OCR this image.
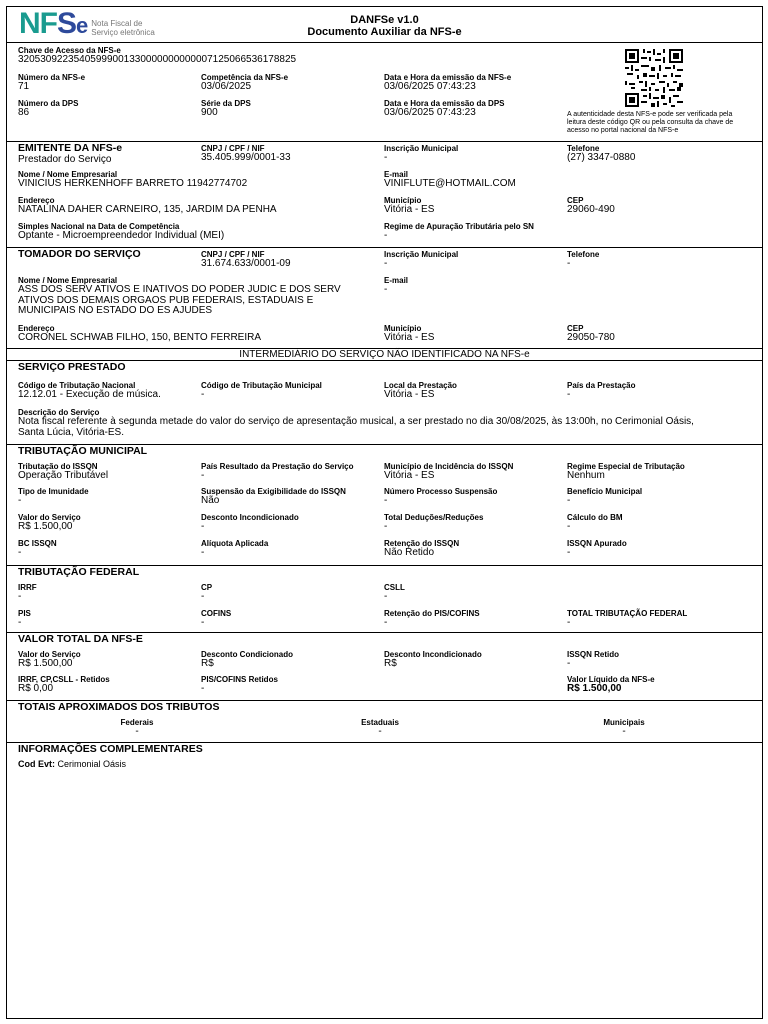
NFSe Nota Fiscal de
Serviço eletrônica
DANFSe v1.0
Documento Auxiliar da NFS-e
Chave de Acesso da NFS-e
32053092235405999001330000000000007125066536178825
Número da NFS-e
71
Competência da NFS-e
03/06/2025
Data e Hora da emissão da NFS-e
03/06/2025 07:43:23
Número da DPS
86
Série da DPS
900
Data e Hora da emissão da DPS
03/06/2025 07:43:23	A autenticidade desta NFS-e pode ser verificada pela leitura deste código QR ou pela consulta da chave de acesso no portal nacional da NFS-e
EMITENTE DA NFS-e
Prestador do Serviço
CNPJ / CPF / NIF
35.405.999/0001-33
Inscrição Municipal
-
Telefone
(27) 3347-0880
Nome / Nome Empresarial
VINICIUS HERKENHOFF BARRETO 11942774702
E-mail
VINIFLUTE@HOTMAIL.COM
Endereço
NATALINA DAHER CARNEIRO, 135, JARDIM DA PENHA
Município
Vitória - ES
CEP
29060-490
Simples Nacional na Data de Competência
Optante - Microempreendedor Individual (MEI)
Regime de Apuração Tributária pelo SN
-
TOMADOR DO SERVIÇO	CNPJ / CPF / NIF
31.674.633/0001-09
Inscrição Municipal
-
Telefone
-
Nome / Nome Empresarial
ASS DOS SERV ATIVOS E INATIVOS DO PODER JUDIC E DOS SERV
ATIVOS DOS DEMAIS ORGAOS PUB FEDERAIS, ESTADUAIS E
MUNICIPAIS NO ESTADO DO ES AJUDES
E-mail
-
Endereço
CORONEL SCHWAB FILHO, 150, BENTO FERREIRA
Município
Vitória - ES
CEP
29050-780
INTERMEDIÁRIO DO SERVIÇO NÃO IDENTIFICADO NA NFS-e
SERVIÇO PRESTADO
Código de Tributação Nacional
12.12.01 - Execução de música.
Código de Tributação Municipal
-
Local da Prestação
Vitória - ES
País da Prestação
-
Descrição do Serviço
Nota fiscal referente à segunda metade do valor do serviço de apresentação musical, a ser prestado no dia 30/08/2025, às 13:00h, no Cerimonial Oásis,
Santa Lúcia, Vitória-ES.
TRIBUTAÇÃO MUNICIPAL
Tributação do ISSQN
Operação Tributável
País Resultado da Prestação do Serviço
-
Município de Incidência do ISSQN
Vitória - ES
Regime Especial de Tributação
Nenhum
Tipo de Imunidade
-
Suspensão da Exigibilidade do ISSQN
Não
Número Processo Suspensão
-
Benefício Municipal
-
Valor do Serviço
R$ 1.500,00
Desconto Incondicionado
-
Total Deduções/Reduções
-
Cálculo do BM
-
BC ISSQN
-
Alíquota Aplicada
-
Retenção do ISSQN
Não Retido
ISSQN Apurado
-
TRIBUTAÇÃO FEDERAL
IRRF
-
CP
-
CSLL
-
PIS
-
COFINS
-
Retenção do PIS/COFINS
-
TOTAL TRIBUTAÇÃO FEDERAL
-
VALOR TOTAL DA NFS-E
Valor do Serviço
R$ 1.500,00
Desconto Condicionado
R$
Desconto Incondicionado
R$
ISSQN Retido
-
IRRF, CP,CSLL - Retidos
R$ 0,00
PIS/COFINS Retidos
-
Valor Líquido da NFS-e
R$ 1.500,00
TOTAIS APROXIMADOS DOS TRIBUTOS
Federais
-
Estaduais
-
Municipais
-
INFORMAÇÕES COMPLEMENTARES
Cod Evt: Cerimonial Oásis
